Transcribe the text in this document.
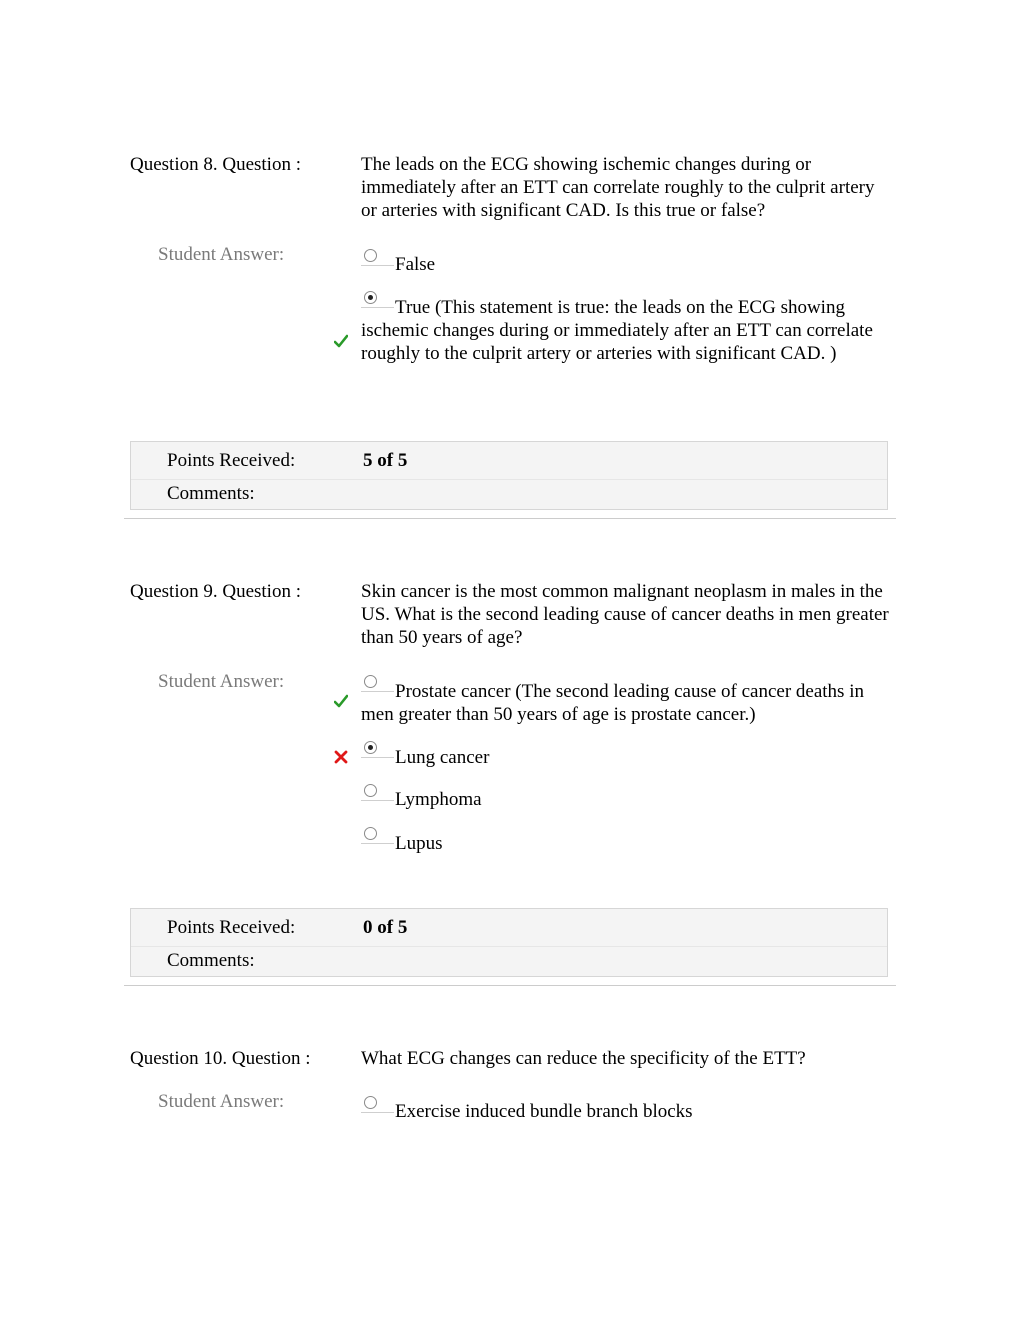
Question 8. Question :	The leads on the ECG showing ischemic changes during or immediately after an ETT can correlate roughly to the culprit artery or arteries with significant CAD. Is this true or false?
Student Answer:	False
True (This statement is true: the leads on the ECG showing ischemic changes during or immediately after an ETT can correlate roughly to the culprit artery or arteries with significant CAD. )
Points Received:	5 of 5
Comments:
Question 9. Question :	Skin cancer is the most common malignant neoplasm in males in the US. What is the second leading cause of cancer deaths in men greater than 50 years of age?
Student Answer:	Prostate cancer (The second leading cause of cancer deaths in men greater than 50 years of age is prostate cancer.)
Lung cancer
Lymphoma
Lupus
Points Received:	0 of 5
Comments:
Question 10. Question :	What ECG changes can reduce the specificity of the ETT?
Student Answer:	Exercise induced bundle branch blocks
